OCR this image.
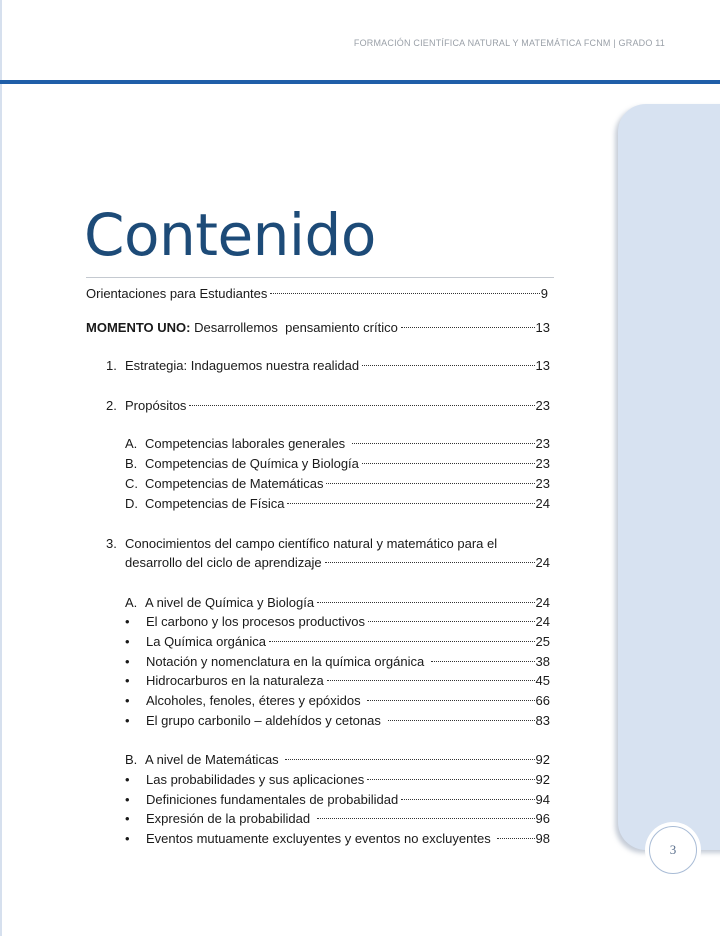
FORMACIÓN CIENTÍFICA NATURAL Y MATEMÁTICA FCNM | GRADO 11
3
Contenido
Orientaciones para Estudiantes	9
MOMENTO UNO: Desarrollemos  pensamiento crítico	13
1. Estrategia: Indaguemos nuestra realidad	13
2. Propósitos	23
A. Competencias laborales generales	23
B. Competencias de Química y Biología	23
C. Competencias de Matemáticas	23
D. Competencias de Física	24
3. Conocimientos del campo científico natural y matemático para el
desarrollo del ciclo de aprendizaje	24
A. A nivel de Química y Biología	24
•	El carbono y los procesos productivos	24
•	La Química orgánica	25
•	Notación y nomenclatura en la química orgánica	38
•	Hidrocarburos en la naturaleza	45
•	Alcoholes, fenoles, éteres y epóxidos	66
•	El grupo carbonilo – aldehídos y cetonas	83
B. A nivel de Matemáticas	92
•	Las probabilidades y sus aplicaciones	92
•	Definiciones fundamentales de probabilidad	94
•	Expresión de la probabilidad	96
•	Eventos mutuamente excluyentes y eventos no excluyentes	98
